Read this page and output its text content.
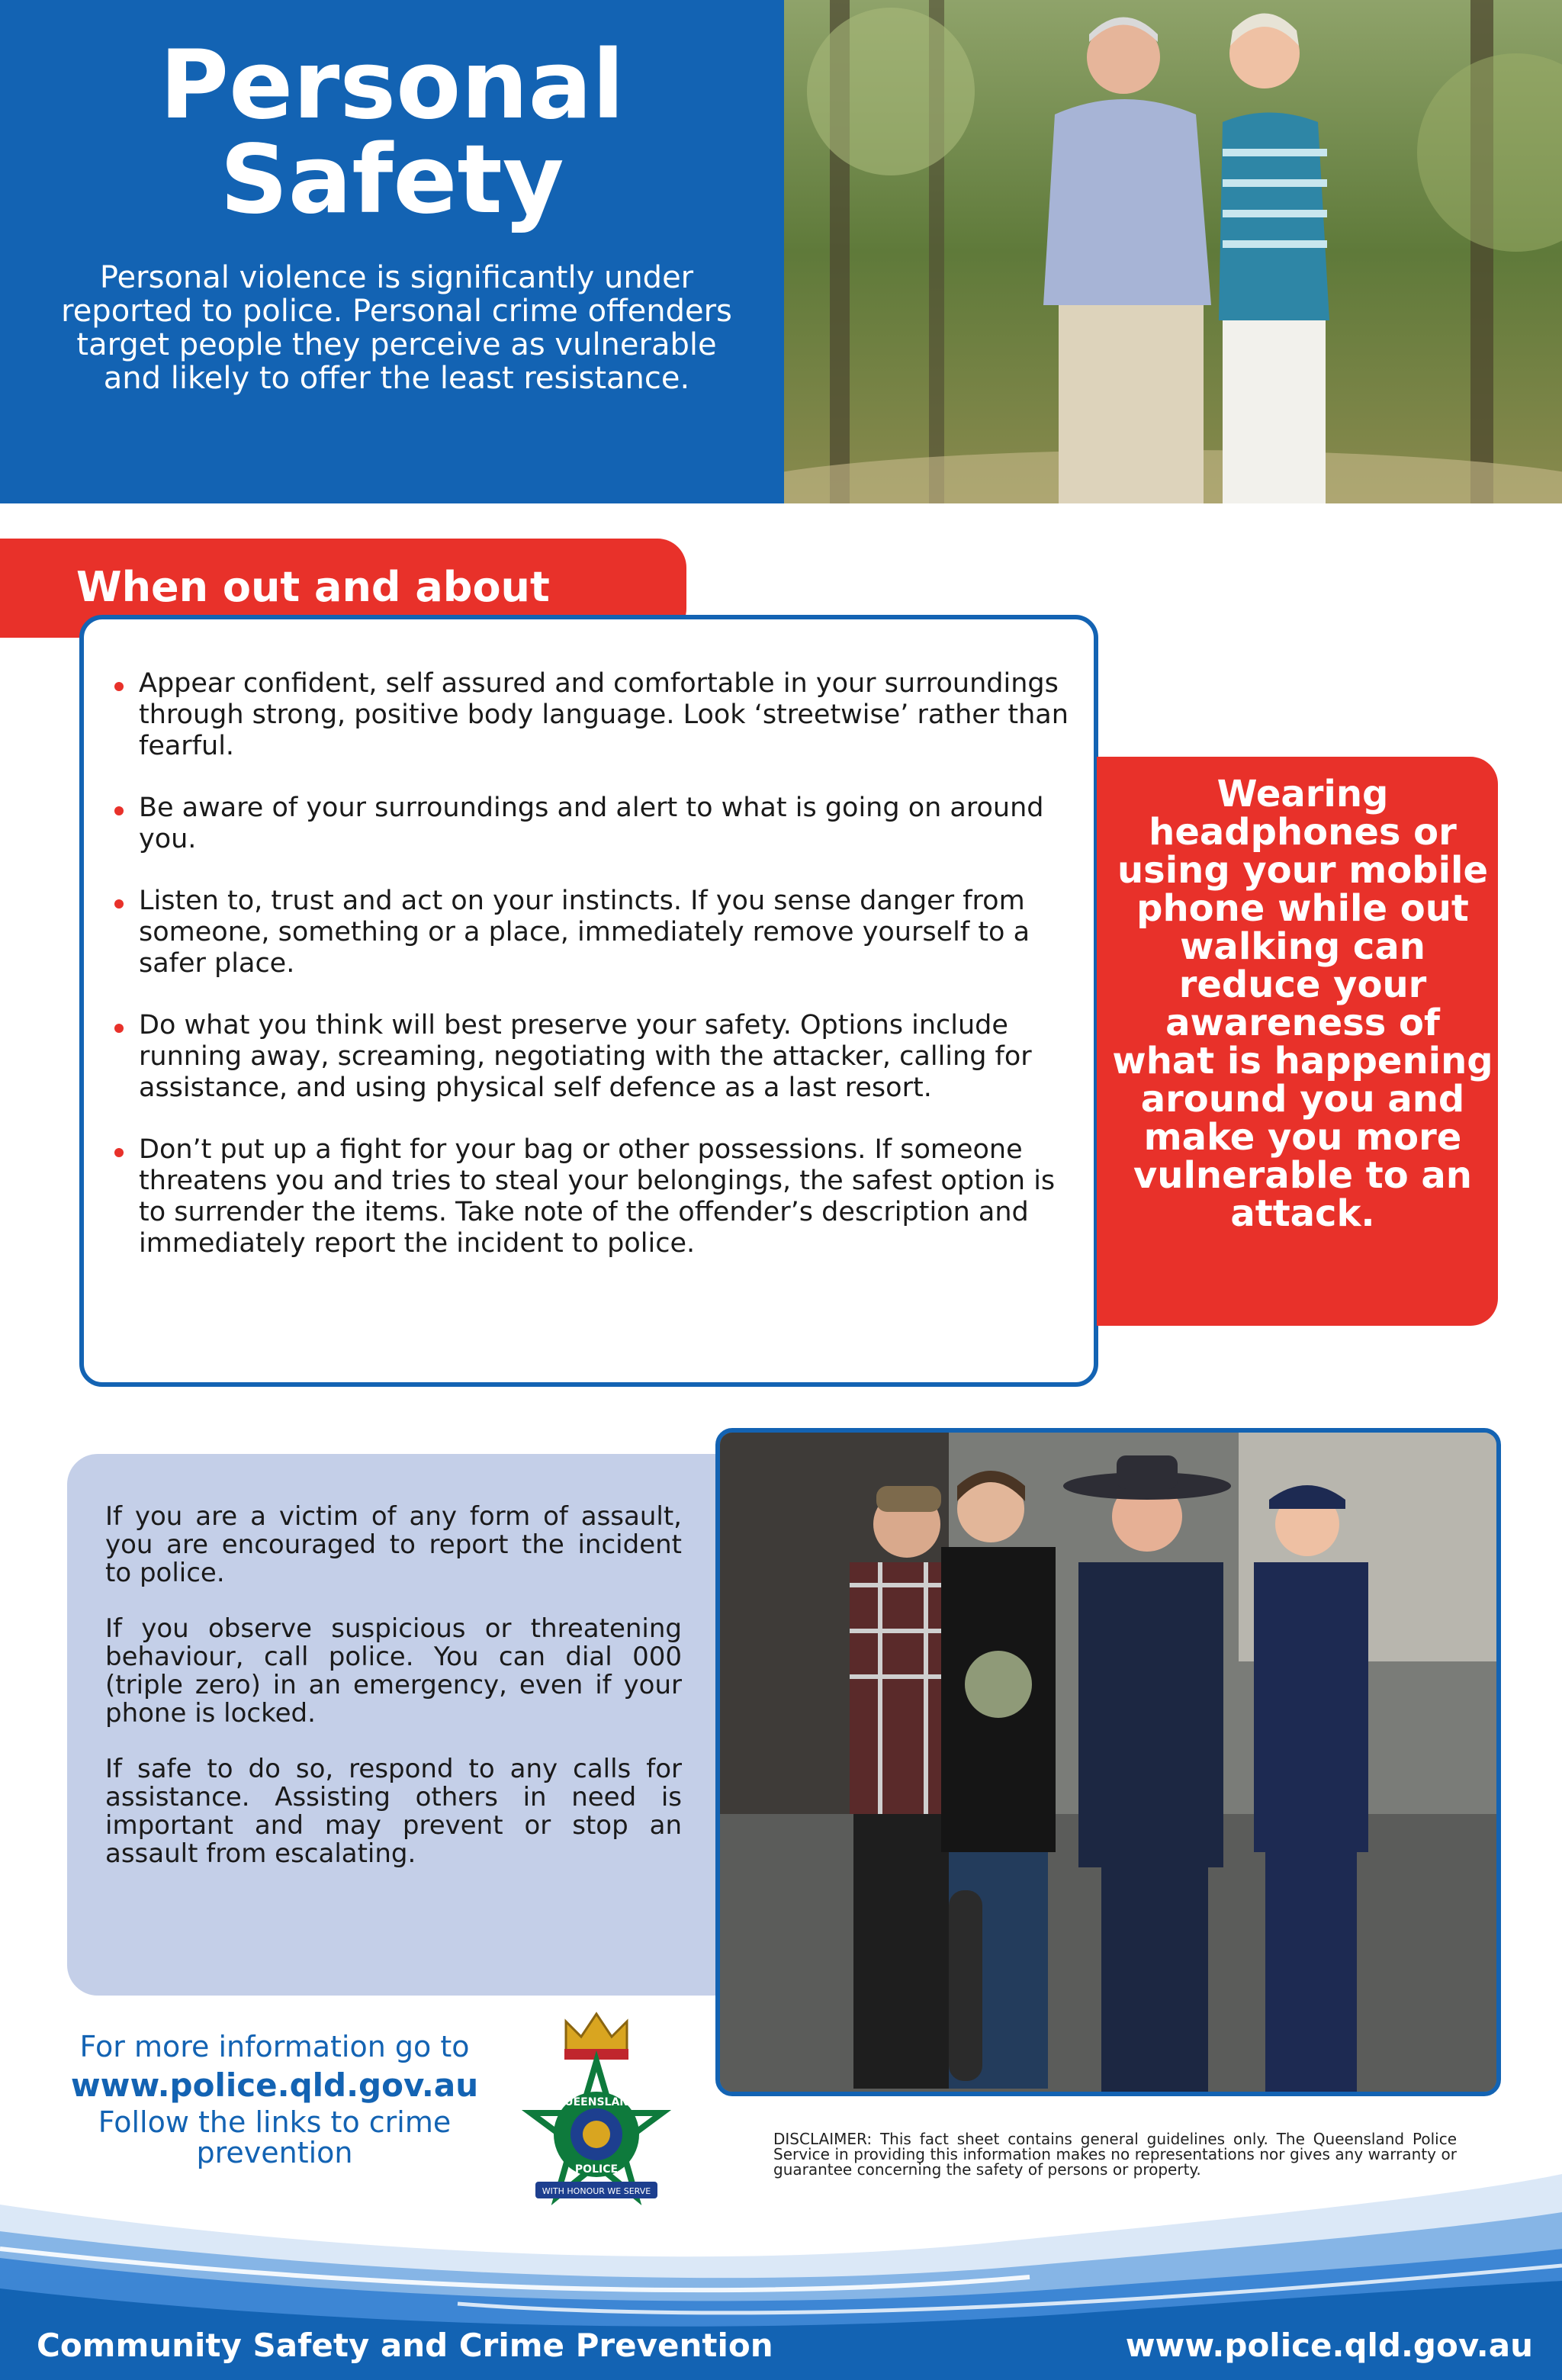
Personal
Safety

Personal violence is significantly under reported to police. Personal crime offenders target people they perceive as vulnerable and likely to offer the least resistance.

When out and about
Appear confident, self assured and comfortable in your surroundings through strong, positive body language. Look ‘streetwise’ rather than fearful.
Be aware of your surroundings and alert to what is going on around you.
Listen to, trust and act on your instincts. If you sense danger from someone, something or a place, immediately remove yourself to a safer place.
Do what you think will best preserve your safety. Options include running away, screaming, negotiating with the attacker, calling for assistance, and using physical self defence as a last resort.
Don’t put up a fight for your bag or other possessions. If someone threatens you and tries to steal your belongings, the safest option is to surrender the items. Take note of the offender’s description and immediately report the incident to police.

Wearing headphones or using your mobile phone while out walking can reduce your awareness of what is happening around you and make you more vulnerable to an attack.

If you are a victim of any form of assault, you are encouraged to report the incident to police.

If you observe suspicious or threatening behaviour, call police. You can dial 000 (triple zero) in an emergency, even if your phone is locked.

If safe to do so, respond to any calls for assistance. Assisting others in need is important and may prevent or stop an assault from escalating.

For more information go to
www.police.qld.gov.au
Follow the links to crime prevention
QUEENSLAND
POLICE
WITH HONOUR WE SERVE

DISCLAIMER: This fact sheet contains general guidelines only. The Queensland Police Service in providing this information makes no representations nor gives any warranty or guarantee concerning the safety of persons or property.

Community Safety and Crime Prevention	www.police.qld.gov.au
